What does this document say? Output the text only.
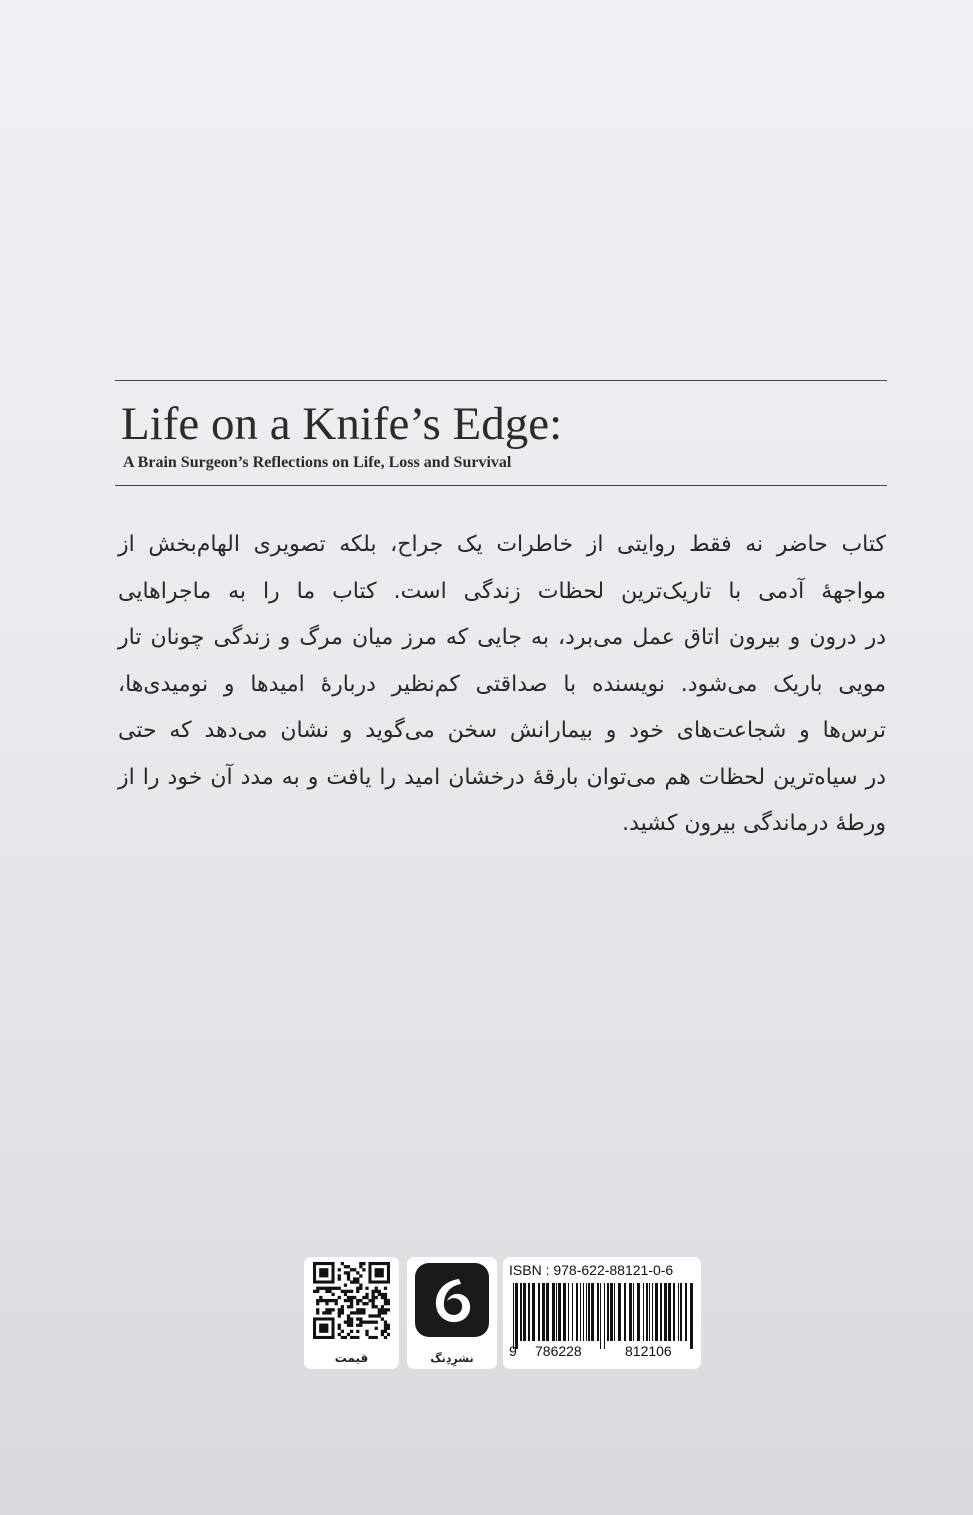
Life on a Knife’s Edge:

A Brain Surgeon’s Reflections on Life, Loss and Survival

کتاب حاضر نه فقط روایتی از خاطرات یک جراح، بلکه تصویری الهام‌بخش از
مواجههٔ آدمی با تاریک‌ترین لحظات زندگی است. کتاب ما را به ماجراهایی
در درون و بیرون اتاق عمل می‌برد، به جایی که مرز میان مرگ و زندگی چونان تار
مویی باریک می‌شود. نویسنده با صداقتی کم‌نظیر دربارهٔ امیدها و نومیدی‌ها،
ترس‌ها و شجاعت‌های خود و بیمارانش سخن می‌گوید و نشان می‌دهد که حتی
در سیاه‌ترین لحظات هم می‌توان بارقهٔ درخشان امید را یافت و به مدد آن خود را از
ورطهٔ درماندگی بیرون کشید.
قیمت	نشرِدِنگ
ISBN : 978-622-88121-0-6
9 786228	812106
